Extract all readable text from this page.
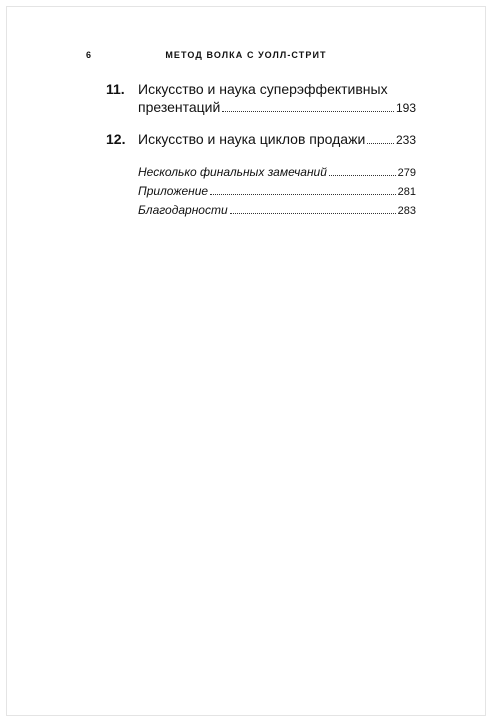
6	МЕТОД ВОЛКА С УОЛЛ-СТРИТ
11. Искусство и наука суперэффективных
презентаций	193
12. Искусство и наука циклов продажи	233
Несколько финальных замечаний	279
Приложение	281
Благодарности	283
